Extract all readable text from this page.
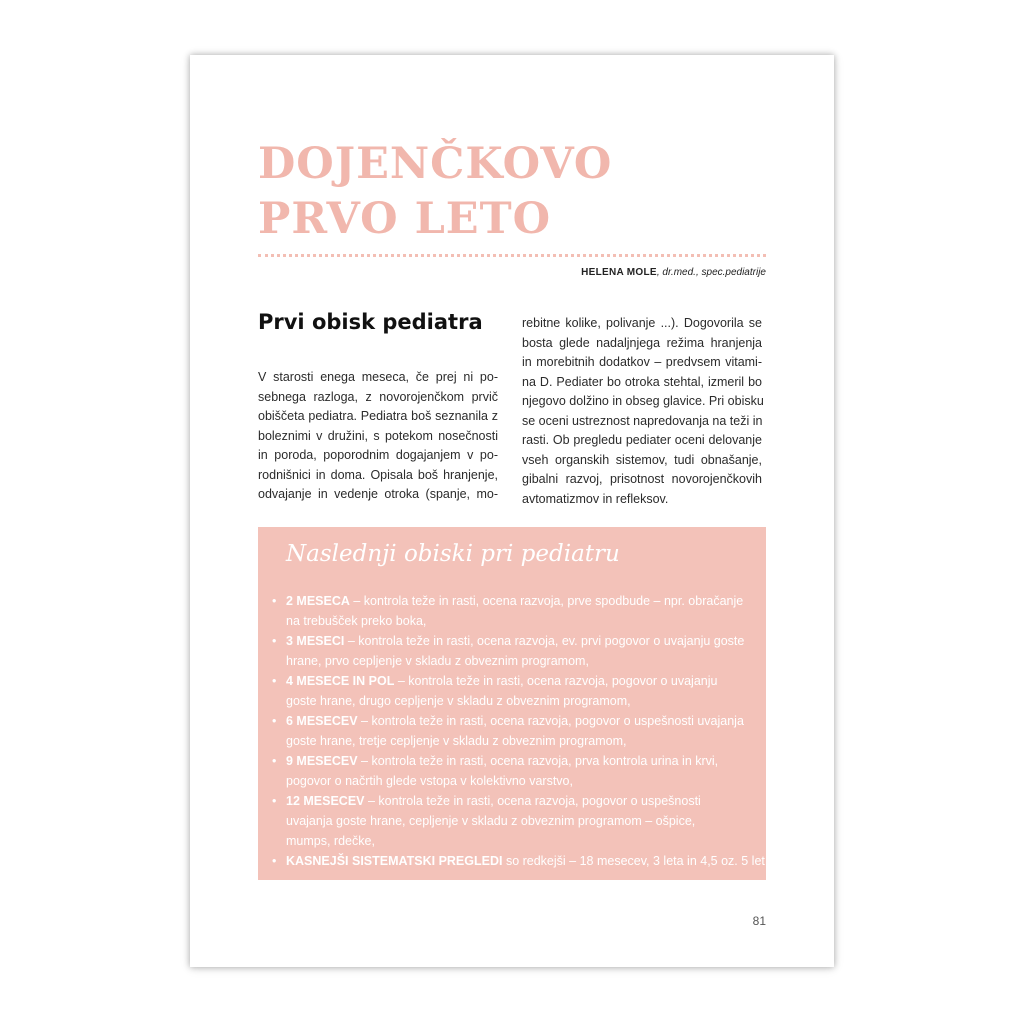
DOJENČKOVO
PRVO LETO
HELENA MOLE, dr.med., spec.pediatrije
Prvi obisk pediatra
V starosti enega meseca, če prej ni po-
sebnega razloga, z novorojenčkom prvič
obiščeta pediatra. Pediatra boš seznanila z
boleznimi v družini, s potekom nosečnosti
in poroda, poporodnim dogajanjem v po-
rodnišnici in doma. Opisala boš hranjenje,
odvajanje in vedenje otroka (spanje, mo-
rebitne kolike, polivanje ...). Dogovorila se
bosta glede nadaljnjega režima hranjenja
in morebitnih dodatkov – predvsem vitami-
na D. Pediater bo otroka stehtal, izmeril bo
njegovo dolžino in obseg glavice. Pri obisku
se oceni ustreznost napredovanja na teži in
rasti. Ob pregledu pediater oceni delovanje
vseh organskih sistemov, tudi obnašanje,
gibalni razvoj, prisotnost novorojenčkovih
avtomatizmov in refleksov.
Naslednji obiski pri pediatru
• 2 MESECA – kontrola teže in rasti, ocena razvoja, prve spodbude – npr. obračanje
na trebušček preko boka,
• 3 MESECI – kontrola teže in rasti, ocena razvoja, ev. prvi pogovor o uvajanju goste
hrane, prvo cepljenje v skladu z obveznim programom,
• 4 MESECE IN POL – kontrola teže in rasti, ocena razvoja, pogovor o uvajanju
goste hrane, drugo cepljenje v skladu z obveznim programom,
• 6 MESECEV – kontrola teže in rasti, ocena razvoja, pogovor o uspešnosti uvajanja
goste hrane, tretje cepljenje v skladu z obveznim programom,
• 9 MESECEV – kontrola teže in rasti, ocena razvoja, prva kontrola urina in krvi,
pogovor o načrtih glede vstopa v kolektivno varstvo,
• 12 MESECEV – kontrola teže in rasti, ocena razvoja, pogovor o uspešnosti
uvajanja goste hrane, cepljenje v skladu z obveznim programom – ošpice,
mumps, rdečke,
• KASNEJŠI SISTEMATSKI PREGLEDI so redkejši – 18 mesecev, 3 leta in 4,5 oz. 5 let.
81
